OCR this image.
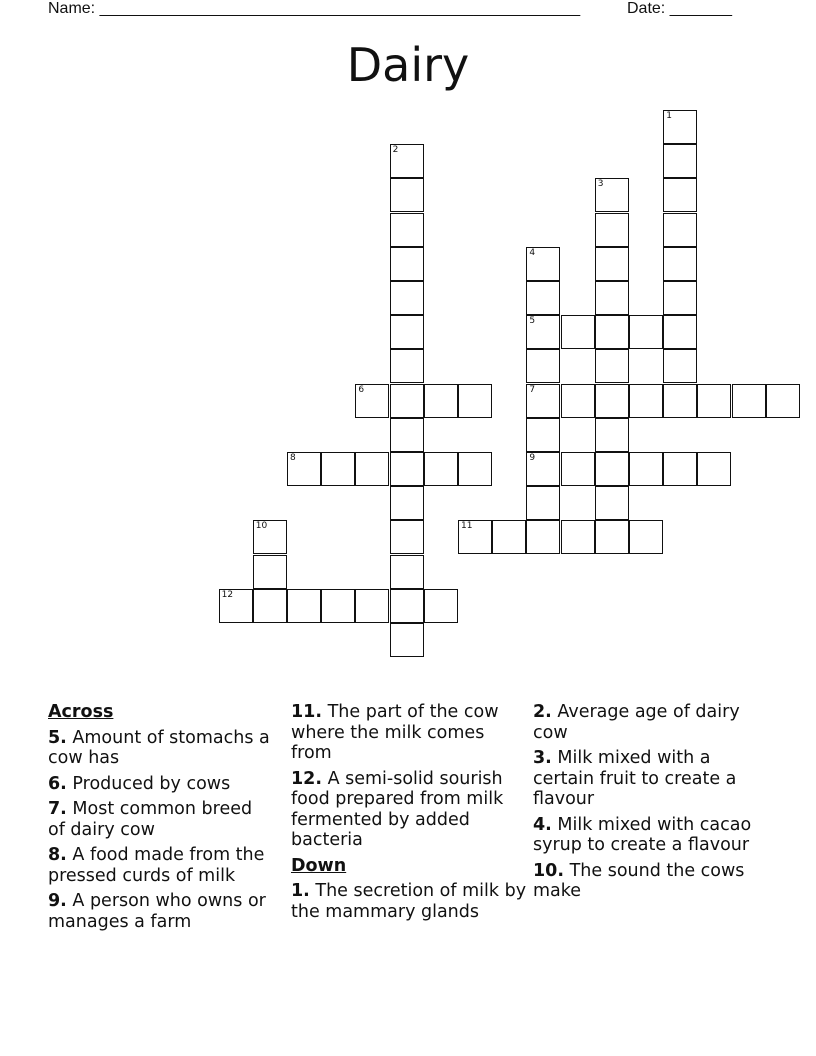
Name: ______________________________________________________	Date: _______
Dairy
1
2
3
4
5
7
9
6
8
10	11
12
Across
5. Amount of stomachs a cow has
6. Produced by cows
7. Most common breed of dairy cow
8. A food made from the pressed curds of milk
9. A person who owns or manages a farm
11. The part of the cow where the milk comes from
12. A semi-solid sourish food prepared from milk fermented by added bacteria
Down
1. The secretion of milk by the mammary glands
2. Average age of dairy cow
3. Milk mixed with a certain fruit to create a flavour
4. Milk mixed with cacao syrup to create a flavour
10. The sound the cows make
